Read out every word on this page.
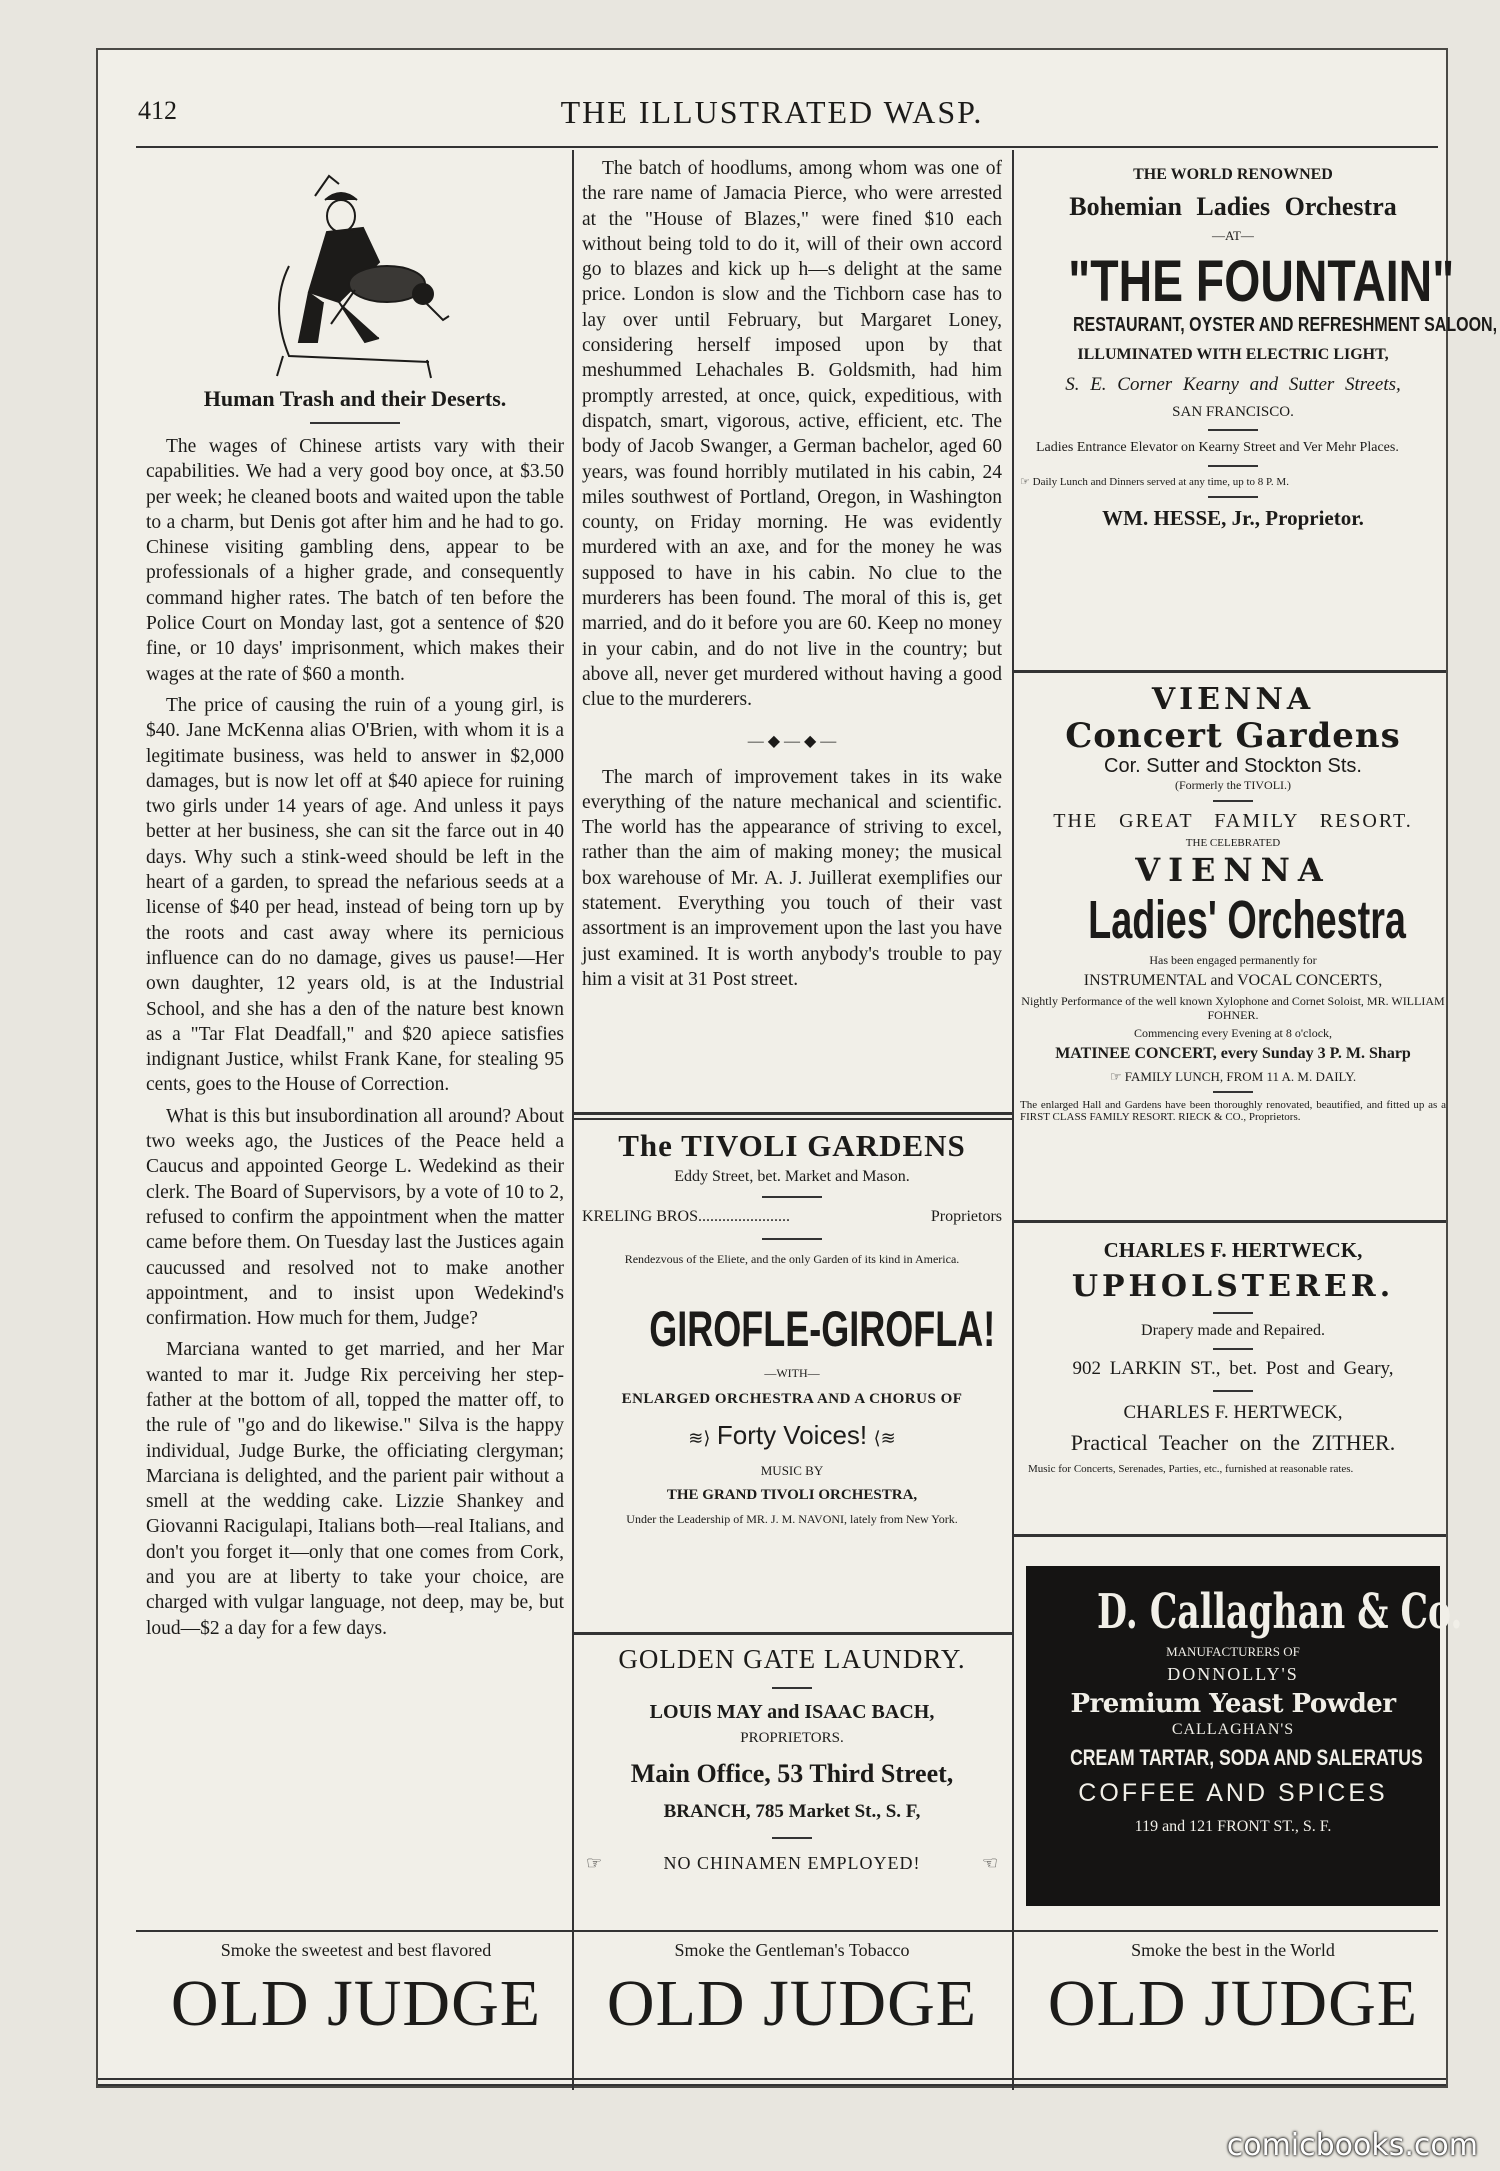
412	THE ILLUSTRATED WASP.
Human Trash and their Deserts.

The wages of Chinese artists vary with their capabilities. We had a very good boy once, at $3.50 per week; he cleaned boots and waited upon the table to a charm, but Denis got after him and he had to go. Chinese visiting gambling dens, appear to be professionals of a higher grade, and consequently command higher rates. The batch of ten before the Police Court on Monday last, got a sentence of $20 fine, or 10 days' imprisonment, which makes their wages at the rate of $60 a month.

The price of causing the ruin of a young girl, is $40. Jane McKenna alias O'Brien, with whom it is a legitimate business, was held to answer in $2,000 damages, but is now let off at $40 apiece for ruining two girls under 14 years of age. And unless it pays better at her business, she can sit the farce out in 40 days. Why such a stink-weed should be left in the heart of a garden, to spread the nefarious seeds at a license of $40 per head, instead of being torn up by the roots and cast away where its pernicious influence can do no damage, gives us pause!—Her own daughter, 12 years old, is at the Industrial School, and she has a den of the nature best known as a "Tar Flat Deadfall," and $20 apiece satisfies indignant Justice, whilst Frank Kane, for stealing 95 cents, goes to the House of Correction.

What is this but insubordination all around? About two weeks ago, the Justices of the Peace held a Caucus and appointed George L. Wedekind as their clerk. The Board of Supervisors, by a vote of 10 to 2, refused to confirm the appointment when the matter came before them. On Tuesday last the Justices again caucussed and resolved not to make another appointment, and to insist upon Wedekind's confirmation. How much for them, Judge?

Marciana wanted to get married, and her Mar wanted to mar it. Judge Rix perceiving her step-father at the bottom of all, topped the matter off, to the rule of "go and do likewise." Silva is the happy individual, Judge Burke, the officiating clergyman; Marciana is delighted, and the parient pair without a smell at the wedding cake. Lizzie Shankey and Giovanni Racigulapi, Italians both—real Italians, and don't you forget it—only that one comes from Cork, and you are at liberty to take your choice, are charged with vulgar language, not deep, may be, but loud—$2 a day for a few days.

The batch of hoodlums, among whom was one of the rare name of Jamacia Pierce, who were arrested at the "House of Blazes," were fined $10 each without being told to do it, will of their own accord go to blazes and kick up h—s delight at the same price. London is slow and the Tichborn case has to lay over until February, but Margaret Loney, considering herself imposed upon by that meshummed Lehachales B. Goldsmith, had him promptly arrested, at once, quick, expeditious, with dispatch, smart, vigorous, active, efficient, etc. The body of Jacob Swanger, a German bachelor, aged 60 years, was found horribly mutilated in his cabin, 24 miles southwest of Portland, Oregon, in Washington county, on Friday morning. He was evidently murdered with an axe, and for the money he was supposed to have in his cabin. No clue to the murderers has been found. The moral of this is, get married, and do it before you are 60. Keep no money in your cabin, and do not live in the country; but above all, never get murdered without having a good clue to the murderers.

— ◆ — ◆ —

The march of improvement takes in its wake everything of the nature mechanical and scientific. The world has the appearance of striving to excel, rather than the aim of making money; the musical box warehouse of Mr. A. J. Juillerat exemplifies our statement. Everything you touch of their vast assortment is an improvement upon the last you have just examined. It is worth anybody's trouble to pay him a visit at 31 Post street.

The TIVOLI GARDENS
Eddy Street, bet. Market and Mason.
KRELING BROS.......................	Proprietors
Rendezvous of the Eliete, and the only Garden of its kind in America.
GIROFLE-GIROFLA!
—WITH—
ENLARGED ORCHESTRA AND A CHORUS OF
≋⟩ Forty Voices! ⟨≋
MUSIC BY
THE GRAND TIVOLI ORCHESTRA,
Under the Leadership of MR. J. M. NAVONI, lately from New York.
GOLDEN GATE LAUNDRY.
LOUIS MAY and ISAAC BACH,
PROPRIETORS.
Main Office, 53 Third Street,
BRANCH, 785 Market St., S. F,
☞	NO CHINAMEN EMPLOYED!	☜
THE WORLD RENOWNED
Bohemian Ladies Orchestra
—AT—
"THE FOUNTAIN"
RESTAURANT, OYSTER AND REFRESHMENT SALOON,
ILLUMINATED WITH ELECTRIC LIGHT,
S. E. Corner Kearny and Sutter Streets,
SAN FRANCISCO.
Ladies Entrance Elevator on Kearny Street and Ver Mehr Places.
☞ Daily Lunch and Dinners served at any time, up to 8 P. M.
WM. HESSE, Jr., Proprietor.
VIENNA
Concert Gardens
Cor. Sutter and Stockton Sts.
(Formerly the TIVOLI.)
THE GREAT FAMILY RESORT.
THE CELEBRATED
VIENNA
Ladies' Orchestra
Has been engaged permanently for
INSTRUMENTAL and VOCAL CONCERTS,
Nightly Performance of the well known Xylophone and Cornet Soloist, MR. WILLIAM FOHNER.
Commencing every Evening at 8 o'clock,
MATINEE CONCERT, every Sunday 3 P. M. Sharp
☞ FAMILY LUNCH, FROM 11 A. M. DAILY.
The enlarged Hall and Gardens have been thoroughly renovated, beautified, and fitted up as a FIRST CLASS FAMILY RESORT. RIECK & CO., Proprietors.
CHARLES F. HERTWECK,
UPHOLSTERER.
Drapery made and Repaired.
902 LARKIN ST., bet. Post and Geary,
CHARLES F. HERTWECK,
Practical Teacher on the ZITHER.
Music for Concerts, Serenades, Parties, etc., furnished at reasonable rates.
D. Callaghan & Co.
MANUFACTURERS OF
DONNOLLY'S
Premium Yeast Powder
CALLAGHAN'S
CREAM TARTAR, SODA AND SALERATUS
COFFEE AND SPICES
119 and 121 FRONT ST., S. F.
Smoke the sweetest and best flavored
OLD JUDGE
Smoke the Gentleman's Tobacco
OLD JUDGE
Smoke the best in the World
OLD JUDGE
comicbooks.com
